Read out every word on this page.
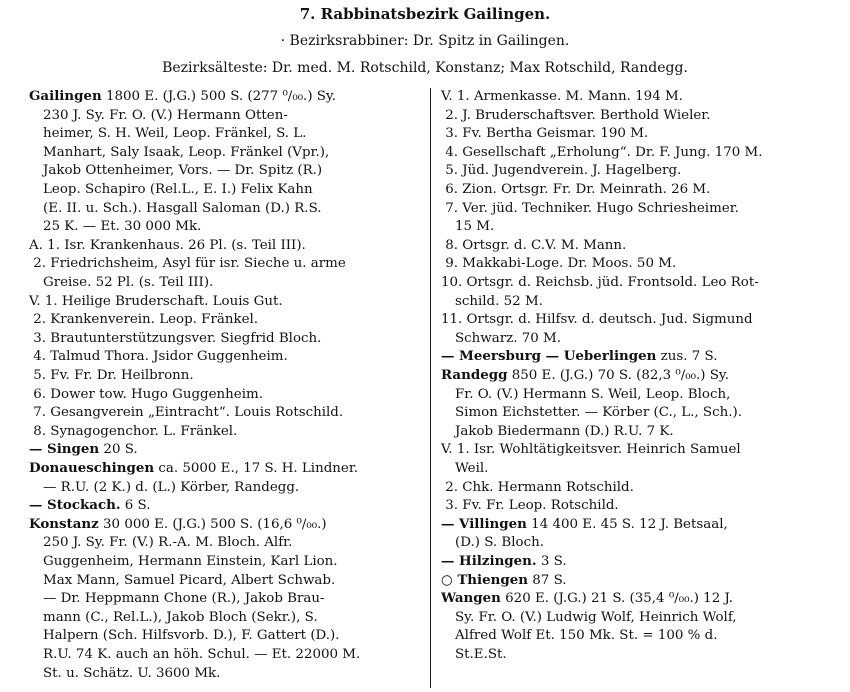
7. Rabbinatsbezirk Gailingen.
· Bezirksrabbiner: Dr. Spitz in Gailingen.
Bezirksälteste: Dr. med. M. Rotschild, Konstanz; Max Rotschild, Randegg.
Gailingen 1800 E. (J.G.) 500 S. (277 ⁰/₀₀.) Sy.
230 J. Sy. Fr. O. (V.) Hermann Otten-
heimer, S. H. Weil, Leop. Fränkel, S. L.
Manhart, Saly Isaak, Leop. Fränkel (Vpr.),
Jakob Ottenheimer, Vors. — Dr. Spitz (R.)
Leop. Schapiro (Rel.L., E. I.) Felix Kahn
(E. II. u. Sch.). Hasgall Saloman (D.) R.S.
25 K. — Et. 30 000 Mk.
A. 1. Isr. Krankenhaus. 26 Pl. (s. Teil III).
2. Friedrichsheim, Asyl für isr. Sieche u. arme
Greise. 52 Pl. (s. Teil III).
V. 1. Heilige Bruderschaft. Louis Gut.
2. Krankenverein. Leop. Fränkel.
3. Brautunterstützungsver. Siegfrid Bloch.
4. Talmud Thora. Jsidor Guggenheim.
5. Fv. Fr. Dr. Heilbronn.
6. Dower tow. Hugo Guggenheim.
7. Gesangverein „Eintracht“. Louis Rotschild.
8. Synagogenchor. L. Fränkel.
— Singen 20 S.
Donaueschingen ca. 5000 E., 17 S. H. Lindner.
— R.U. (2 K.) d. (L.) Körber, Randegg.
— Stockach. 6 S.
Konstanz 30 000 E. (J.G.) 500 S. (16,6 ⁰/₀₀.)
250 J. Sy. Fr. (V.) R.-A. M. Bloch. Alfr.
Guggenheim, Hermann Einstein, Karl Lion.
Max Mann, Samuel Picard, Albert Schwab.
— Dr. Heppmann Chone (R.), Jakob Brau-
mann (C., Rel.L.), Jakob Bloch (Sekr.), S.
Halpern (Sch. Hilfsvorb. D.), F. Gattert (D.).
R.U. 74 K. auch an höh. Schul. — Et. 22000 M.
St. u. Schätz. U. 3600 Mk.
V. 1. Armenkasse. M. Mann. 194 M.
2. J. Bruderschaftsver. Berthold Wieler.
3. Fv. Bertha Geismar. 190 M.
4. Gesellschaft „Erholung“. Dr. F. Jung. 170 M.
5. Jüd. Jugendverein. J. Hagelberg.
6. Zion. Ortsgr. Fr. Dr. Meinrath. 26 M.
7. Ver. jüd. Techniker. Hugo Schriesheimer.
15 M.
8. Ortsgr. d. C.V. M. Mann.
9. Makkabi-Loge. Dr. Moos. 50 M.
10. Ortsgr. d. Reichsb. jüd. Frontsold. Leo Rot-
schild. 52 M.
11. Ortsgr. d. Hilfsv. d. deutsch. Jud. Sigmund
Schwarz. 70 M.
— Meersburg — Ueberlingen zus. 7 S.
Randegg 850 E. (J.G.) 70 S. (82,3 ⁰/₀₀.) Sy.
Fr. O. (V.) Hermann S. Weil, Leop. Bloch,
Simon Eichstetter. — Körber (C., L., Sch.).
Jakob Biedermann (D.) R.U. 7 K.
V. 1. Isr. Wohltätigkeitsver. Heinrich Samuel
Weil.
2. Chk. Hermann Rotschild.
3. Fv. Fr. Leop. Rotschild.
— Villingen 14 400 E. 45 S. 12 J. Betsaal,
(D.) S. Bloch.
— Hilzingen. 3 S.
○ Thiengen 87 S.
Wangen 620 E. (J.G.) 21 S. (35,4 ⁰/₀₀.) 12 J.
Sy. Fr. O. (V.) Ludwig Wolf, Heinrich Wolf,
Alfred Wolf Et. 150 Mk. St. = 100 % d.
St.E.St.
